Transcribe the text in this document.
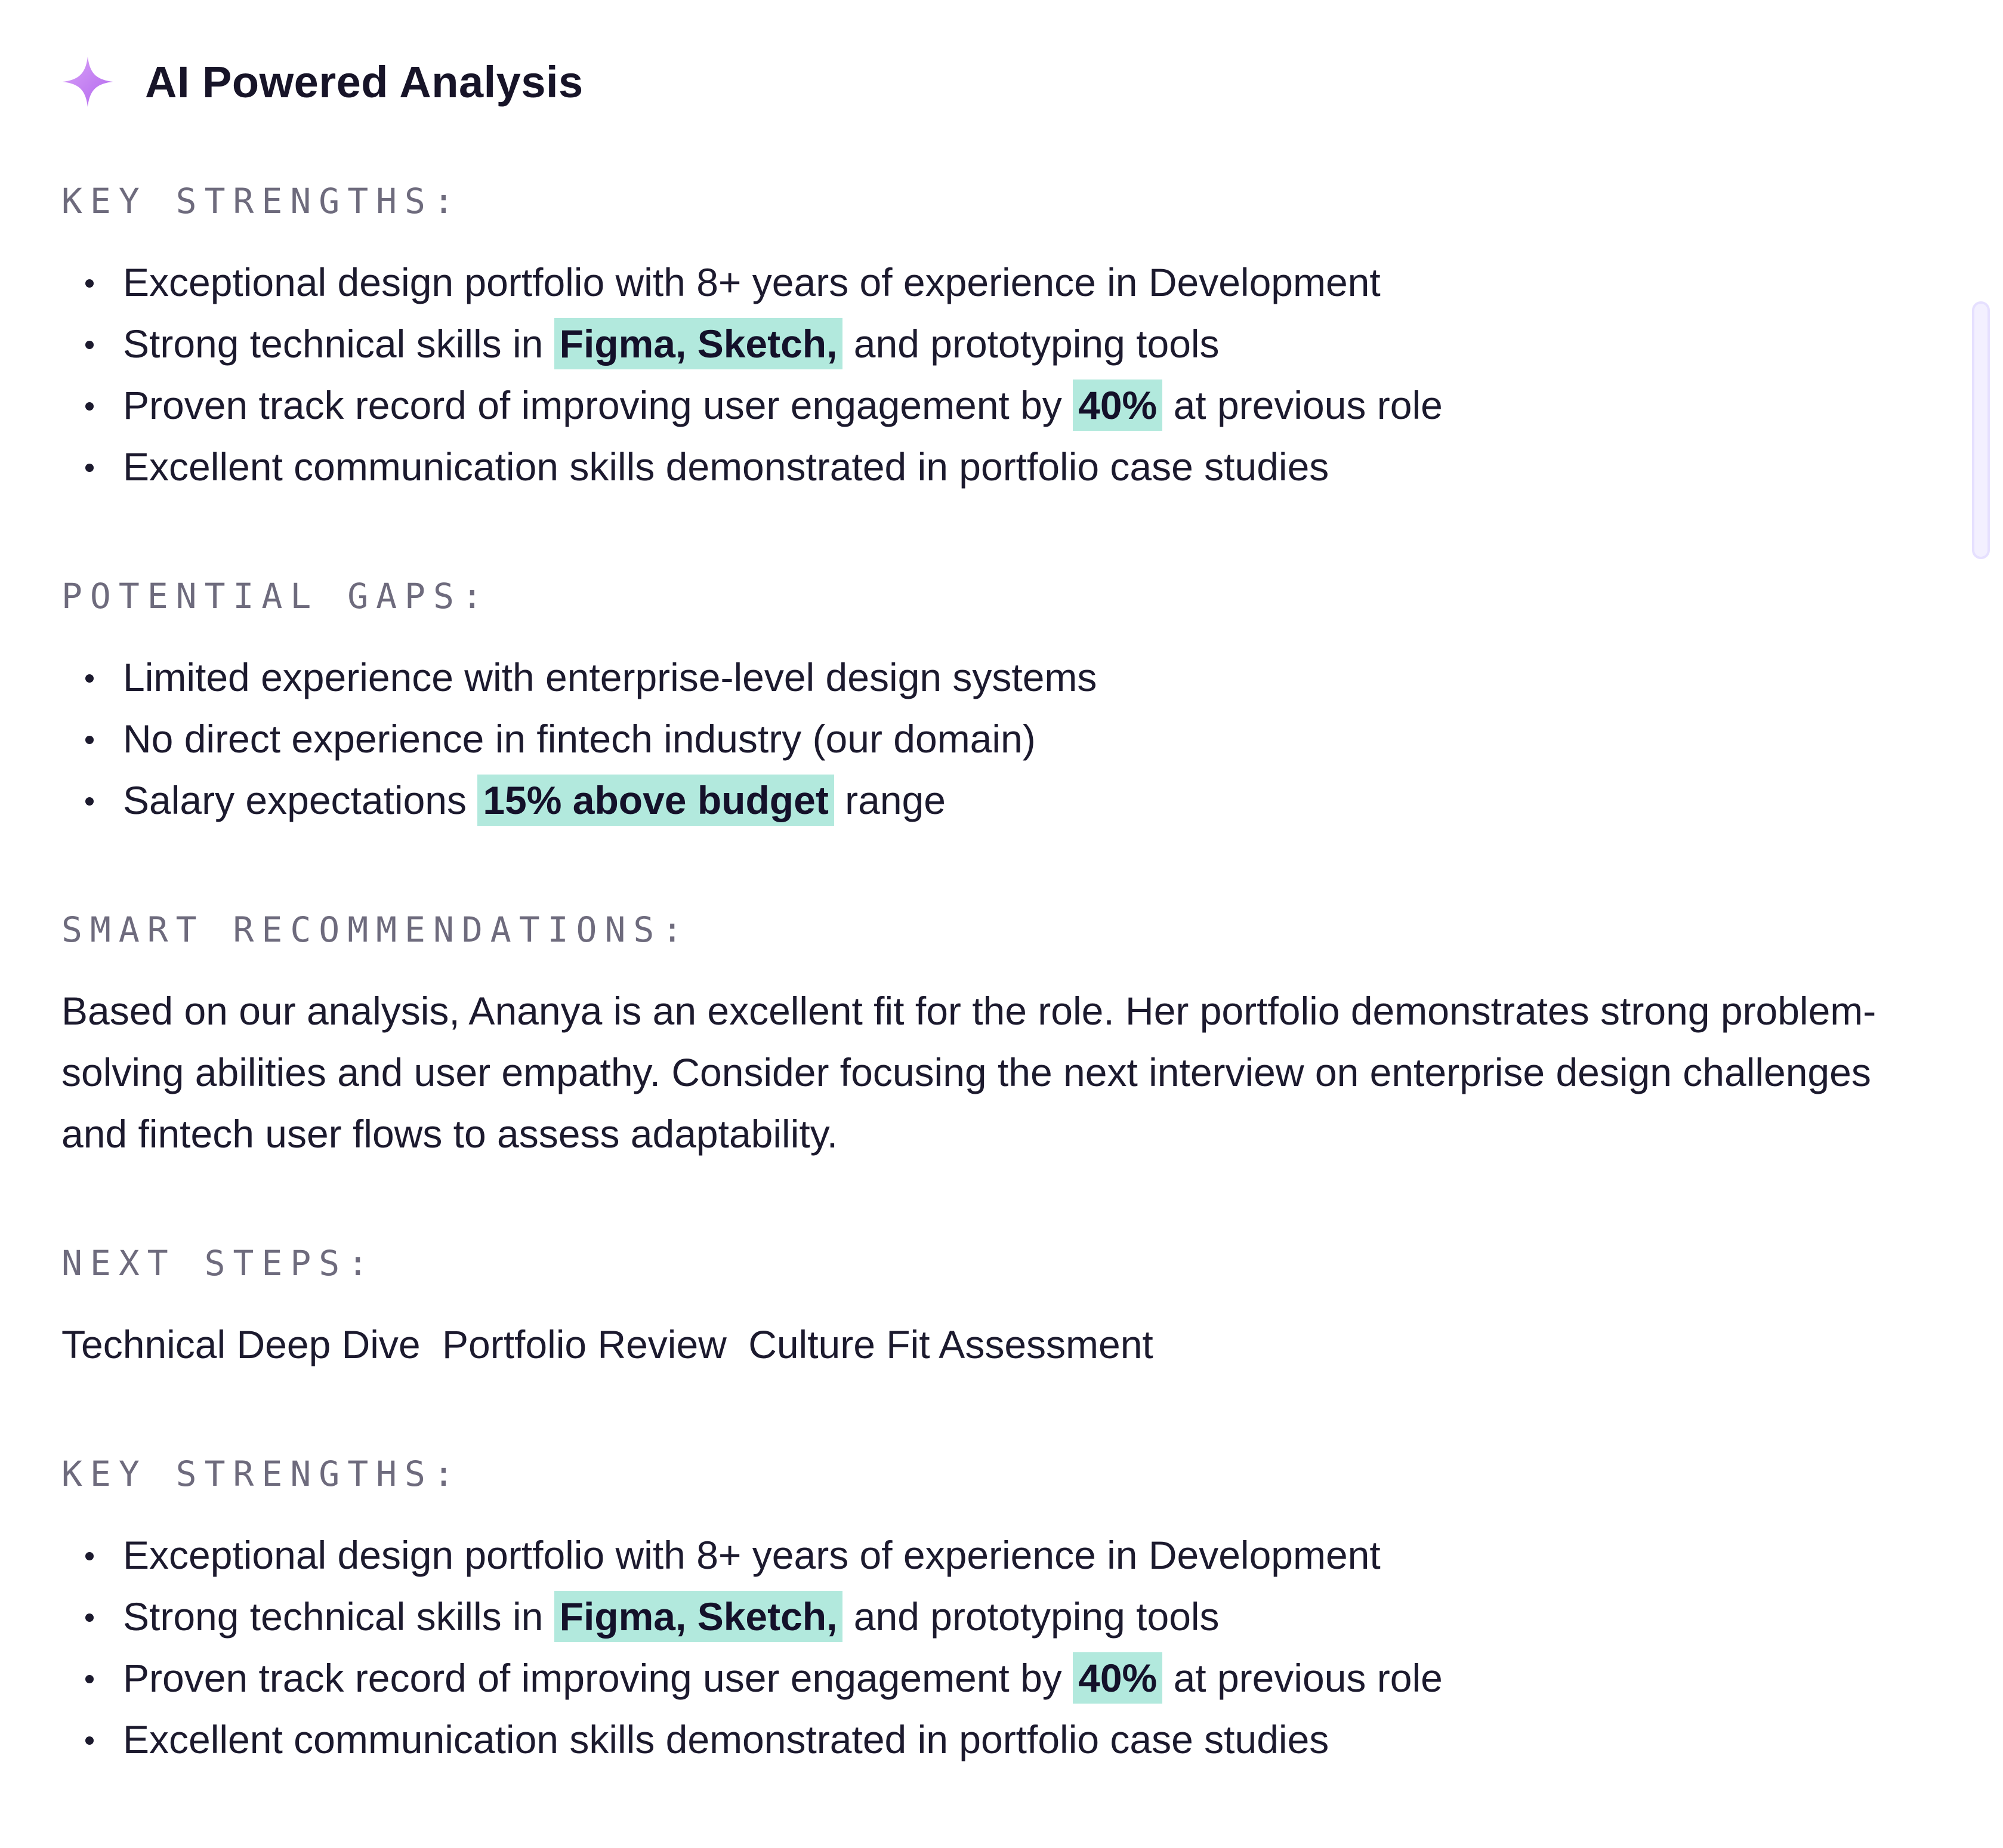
AI Powered Analysis
KEY STRENGTHS:
Exceptional design portfolio with 8+ years of experience in Development
Strong technical skills in Figma, Sketch, and prototyping tools
Proven track record of improving user engagement by 40% at previous role
Excellent communication skills demonstrated in portfolio case studies
POTENTIAL GAPS:
Limited experience with enterprise-level design systems
No direct experience in fintech industry (our domain)
Salary expectations 15% above budget range
SMART RECOMMENDATIONS:
Based on our analysis, Ananya is an excellent fit for the role. Her portfolio demonstrates strong problem-solving abilities and user empathy. Consider focusing the next interview on enterprise design challenges and fintech user flows to assess adaptability.
NEXT STEPS:
Technical Deep Dive Portfolio Review Culture Fit Assessment
KEY STRENGTHS:
Exceptional design portfolio with 8+ years of experience in Development
Strong technical skills in Figma, Sketch, and prototyping tools
Proven track record of improving user engagement by 40% at previous role
Excellent communication skills demonstrated in portfolio case studies
